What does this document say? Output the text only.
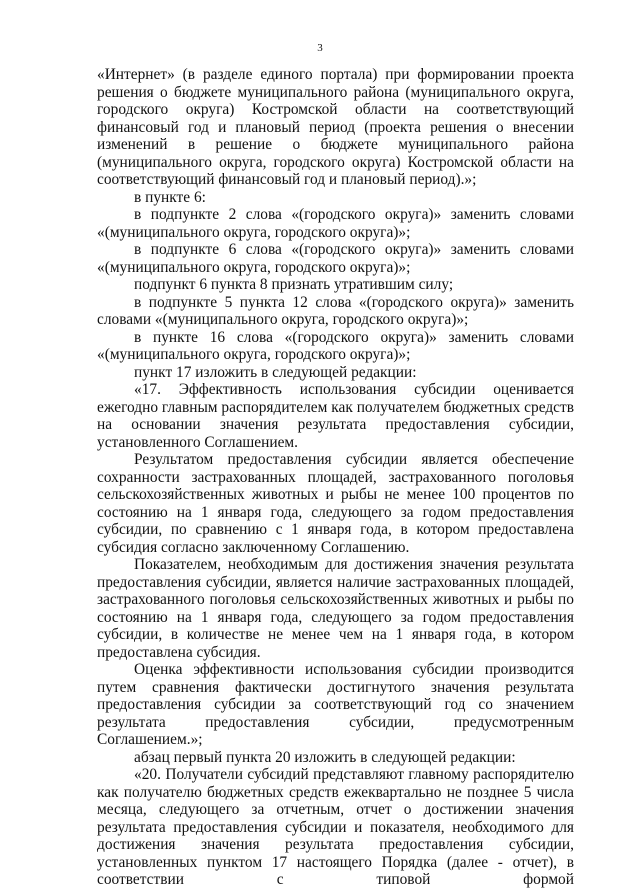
3

«Интернет» (в разделе единого портала) при формировании проекта решения о бюджете муниципального района (муниципального округа, городского округа) Костромской области на соответствующий финансовый год и плановый период (проекта решения о внесении изменений в решение о бюджете муниципального района (муниципального округа, городского округа) Костромской области на соответствующий финансовый год и плановый период).»;

в пункте 6:

в подпункте 2 слова «(городского округа)» заменить словами «(муниципального округа, городского округа)»;

в подпункте 6 слова «(городского округа)» заменить словами «(муниципального округа, городского округа)»;

подпункт 6 пункта 8 признать утратившим силу;

в подпункте 5 пункта 12 слова «(городского округа)» заменить словами «(муниципального округа, городского округа)»;

в пункте 16 слова «(городского округа)» заменить словами «(муниципального округа, городского округа)»;

пункт 17 изложить в следующей редакции:

«17. Эффективность использования субсидии оценивается ежегодно главным распорядителем как получателем бюджетных средств на основании значения результата предоставления субсидии, установленного Соглашением.

Результатом предоставления субсидии является обеспечение сохранности застрахованных площадей, застрахованного поголовья сельскохозяйственных животных и рыбы не менее 100 процентов по состоянию на 1 января года, следующего за годом предоставления субсидии, по сравнению с 1 января года, в котором предоставлена субсидия согласно заключенному Соглашению.

Показателем, необходимым для достижения значения результата предоставления субсидии, является наличие застрахованных площадей, застрахованного поголовья сельскохозяйственных животных и рыбы по состоянию на 1 января года, следующего за годом предоставления субсидии, в количестве не менее чем на 1 января года, в котором предоставлена субсидия.

Оценка эффективности использования субсидии производится путем сравнения фактически достигнутого значения результата предоставления субсидии за соответствующий год со значением результата предоставления субсидии, предусмотренным Соглашением.»;

абзац первый пункта 20 изложить в следующей редакции:

«20. Получатели субсидий представляют главному распорядителю как получателю бюджетных средств ежеквартально не позднее 5 числа месяца, следующего за отчетным, отчет о достижении значения результата предоставления субсидии и показателя, необходимого для достижения значения результата предоставления субсидии, установленных пунктом 17 настоящего Порядка (далее - отчет), в соответствии с типовой формой
